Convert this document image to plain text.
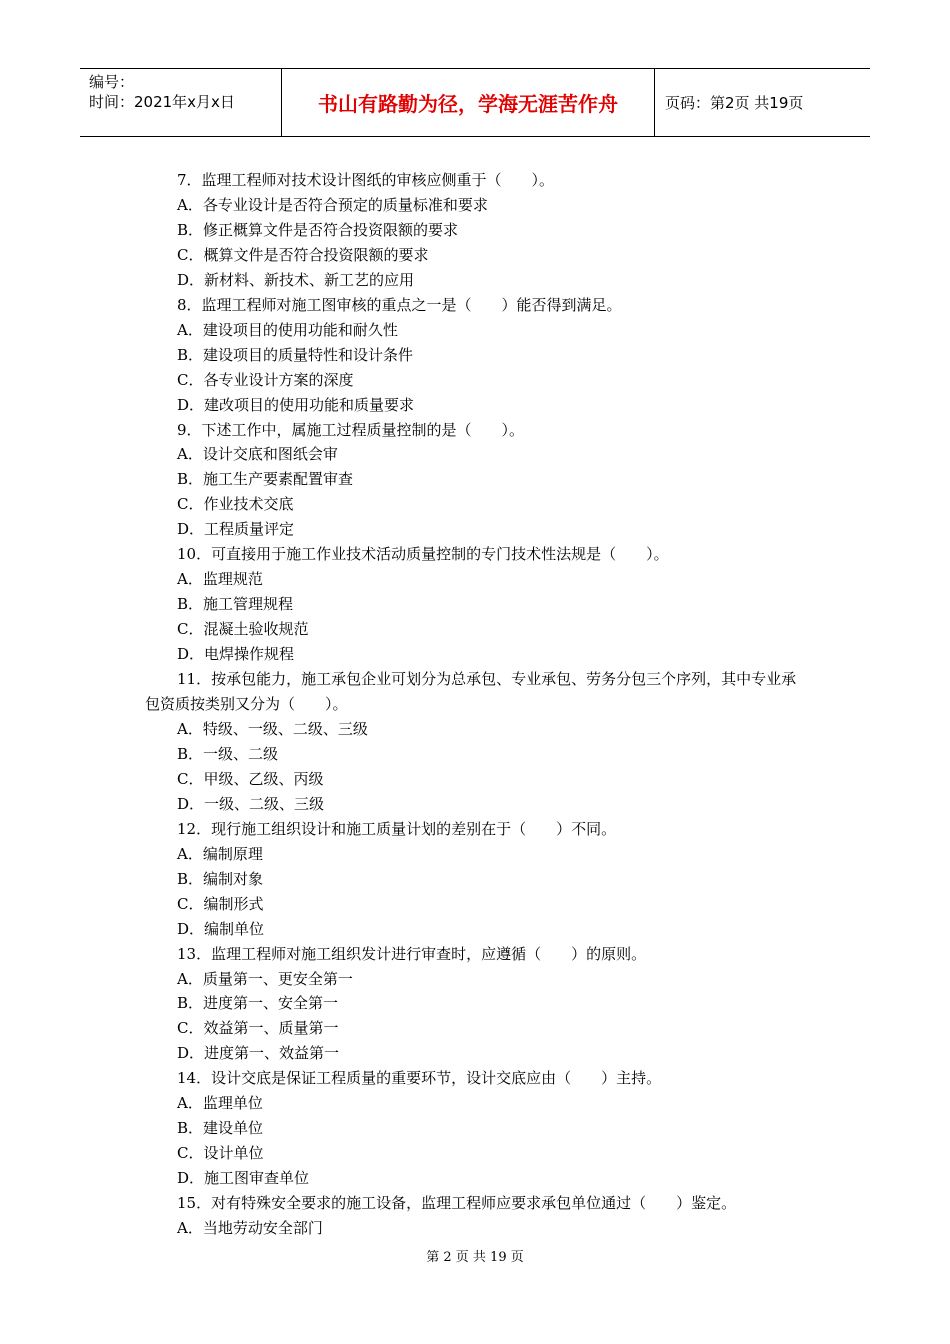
编号：
时间：2021年x月x日	书山有路勤为径，学海无涯苦作舟	页码：第2页 共19页
7．监理工程师对技术设计图纸的审核应侧重于（　　）。
A．各专业设计是否符合预定的质量标准和要求
B．修正概算文件是否符合投资限额的要求
C．概算文件是否符合投资限额的要求
D．新材料、新技术、新工艺的应用
8．监理工程师对施工图审核的重点之一是（　　）能否得到满足。
A．建设项目的使用功能和耐久性
B．建设项目的质量特性和设计条件
C．各专业设计方案的深度
D．建改项目的使用功能和质量要求
9．下述工作中，属施工过程质量控制的是（　　）。
A．设计交底和图纸会审
B．施工生产要素配置审查
C．作业技术交底
D．工程质量评定
10．可直接用于施工作业技术活动质量控制的专门技术性法规是（　　）。
A．监理规范
B．施工管理规程
C．混凝土验收规范
D．电焊操作规程
11．按承包能力，施工承包企业可划分为总承包、专业承包、劳务分包三个序列，其中专业承包资质按类别又分为（　　）。
A．特级、一级、二级、三级
B．一级、二级
C．甲级、乙级、丙级
D．一级、二级、三级
12．现行施工组织设计和施工质量计划的差别在于（　　）不同。
A．编制原理
B．编制对象
C．编制形式
D．编制单位
13．监理工程师对施工组织发计进行审查时，应遵循（　　）的原则。
A．质量第一、更安全第一
B．进度第一、安全第一
C．效益第一、质量第一
D．进度第一、效益第一
14．设计交底是保证工程质量的重要环节，设计交底应由（　　）主持。
A．监理单位
B．建设单位
C．设计单位
D．施工图审查单位
15．对有特殊安全要求的施工设备，监理工程师应要求承包单位通过（　　）鉴定。
A．当地劳动安全部门
第 2 页 共 19 页
